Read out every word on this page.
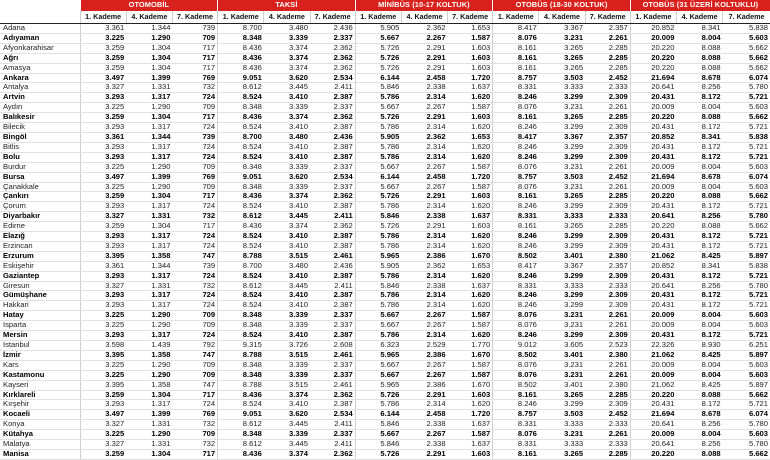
	OTOMOBİL			TAKSİ			MİNİBÜS (10-17 KOLTUK)			OTOBÜS (18-30 KOLTUK)			OTOBÜS (31 ÜZERİ KOLTUKLU)		
	1. Kademe	4. Kademe	7. Kademe	1. Kademe	4. Kademe	7. Kademe	1. Kademe	4. Kademe	7. Kademe	1. Kademe	4. Kademe	7. Kademe	1. Kademe	4. Kademe	7. Kademe
Adana	3.361	1.344	739	8.700	3.480	2.436	5.905	2.362	1.653	8.417	3.367	2.357	20.852	8.341	5.838
Adıyaman	3.225	1.290	709	8.348	3.339	2.337	5.667	2.267	1.587	8.076	3.231	2.261	20.009	8.004	5.603
Afyonkarahisar	3.259	1.304	717	8.436	3.374	2.362	5.726	2.291	1.603	8.161	3.265	2.285	20.220	8.088	5.662
Ağrı	3.259	1.304	717	8.436	3.374	2.362	5.726	2.291	1.603	8.161	3.265	2.285	20.220	8.088	5.662
Amasya	3.259	1.304	717	8.436	3.374	2.362	5.726	2.291	1.603	8.161	3.265	2.285	20.220	8.088	5.662
Ankara	3.497	1.399	769	9.051	3.620	2.534	6.144	2.458	1.720	8.757	3.503	2.452	21.694	8.678	6.074
Antalya	3.327	1.331	732	8.612	3.445	2.411	5.846	2.338	1.637	8.331	3.333	2.333	20.641	8.256	5.780
Artvin	3.293	1.317	724	8.524	3.410	2.387	5.786	2.314	1.620	8.246	3.299	2.309	20.431	8.172	5.721
Aydın	3.225	1.290	709	8.348	3.339	2.337	5.667	2.267	1.587	8.076	3.231	2.261	20.009	8.004	5.603
Balıkesir	3.259	1.304	717	8.436	3.374	2.362	5.726	2.291	1.603	8.161	3.265	2.285	20.220	8.088	5.662
Bilecik	3.293	1.317	724	8.524	3.410	2.387	5.786	2.314	1.620	8.246	3.299	2.309	20.431	8.172	5.721
Bingöl	3.361	1.344	739	8.700	3.480	2.436	5.905	2.362	1.653	8.417	3.367	2.357	20.852	8.341	5.838
Bitlis	3.293	1.317	724	8.524	3.410	2.387	5.786	2.314	1.620	8.246	3.299	2.309	20.431	8.172	5.721
Bolu	3.293	1.317	724	8.524	3.410	2.387	5.786	2.314	1.620	8.246	3.299	2.309	20.431	8.172	5.721
Burdur	3.225	1.290	709	8.348	3.339	2.337	5.667	2.267	1.587	8.076	3.231	2.261	20.009	8.004	5.603
Bursa	3.497	1.399	769	9.051	3.620	2.534	6.144	2.458	1.720	8.757	3.503	2.452	21.694	8.678	6.074
Çanakkale	3.225	1.290	709	8.348	3.339	2.337	5.667	2.267	1.587	8.076	3.231	2.261	20.009	8.004	5.603
Çankırı	3.259	1.304	717	8.436	3.374	2.362	5.726	2.291	1.603	8.161	3.265	2.285	20.220	8.088	5.662
Çorum	3.293	1.317	724	8.524	3.410	2.387	5.786	2.314	1.620	8.246	3.299	2.309	20.431	8.172	5.721
Diyarbakır	3.327	1.331	732	8.612	3.445	2.411	5.846	2.338	1.637	8.331	3.333	2.333	20.641	8.256	5.780
Edirne	3.259	1.304	717	8.436	3.374	2.362	5.726	2.291	1.603	8.161	3.265	2.285	20.220	8.088	5.662
Elazığ	3.293	1.317	724	8.524	3.410	2.387	5.786	2.314	1.620	8.246	3.299	2.309	20.431	8.172	5.721
Erzincan	3.293	1.317	724	8.524	3.410	2.387	5.786	2.314	1.620	8.246	3.299	2.309	20.431	8.172	5.721
Erzurum	3.395	1.358	747	8.788	3.515	2.461	5.965	2.386	1.670	8.502	3.401	2.380	21.062	8.425	5.897
Eskişehir	3.361	1.344	739	8.700	3.480	2.436	5.905	2.362	1.653	8.417	3.367	2.357	20.852	8.341	5.838
Gaziantep	3.293	1.317	724	8.524	3.410	2.387	5.786	2.314	1.620	8.246	3.299	2.309	20.431	8.172	5.721
Giresun	3.327	1.331	732	8.612	3.445	2.411	5.846	2.338	1.637	8.331	3.333	2.333	20.641	8.256	5.780
Gümüşhane	3.293	1.317	724	8.524	3.410	2.387	5.786	2.314	1.620	8.246	3.299	2.309	20.431	8.172	5.721
Hakkari	3.293	1.317	724	8.524	3.410	2.387	5.786	2.314	1.620	8.246	3.299	2.309	20.431	8.172	5.721
Hatay	3.225	1.290	709	8.348	3.339	2.337	5.667	2.267	1.587	8.076	3.231	2.261	20.009	8.004	5.603
Isparta	3.225	1.290	709	8.348	3.339	2.337	5.667	2.267	1.587	8.076	3.231	2.261	20.009	8.004	5.603
Mersin	3.293	1.317	724	8.524	3.410	2.387	5.786	2.314	1.620	8.246	3.299	2.309	20.431	8.172	5.721
İstanbul	3.598	1.439	792	9.315	3.726	2.608	6.323	2.529	1.770	9.012	3.605	2.523	22.326	8.930	6.251
İzmir	3.395	1.358	747	8.788	3.515	2.461	5.965	2.386	1.670	8.502	3.401	2.380	21.062	8.425	5.897
Kars	3.225	1.290	709	8.348	3.339	2.337	5.667	2.267	1.587	8.076	3.231	2.261	20.009	8.004	5.603
Kastamonu	3.225	1.290	709	8.348	3.339	2.337	5.667	2.267	1.587	8.076	3.231	2.261	20.009	8.004	5.603
Kayseri	3.395	1.358	747	8.788	3.515	2.461	5.965	2.386	1.670	8.502	3.401	2.380	21.062	8.425	5.897
Kırklareli	3.259	1.304	717	8.436	3.374	2.362	5.726	2.291	1.603	8.161	3.265	2.285	20.220	8.088	5.662
Kırşehir	3.293	1.317	724	8.524	3.410	2.387	5.786	2.314	1.620	8.246	3.299	2.309	20.431	8.172	5.721
Kocaeli	3.497	1.399	769	9.051	3.620	2.534	6.144	2.458	1.720	8.757	3.503	2.452	21.694	8.678	6.074
Konya	3.327	1.331	732	8.612	3.445	2.411	5.846	2.338	1.637	8.331	3.333	2.333	20.641	8.256	5.780
Kütahya	3.225	1.290	709	8.348	3.339	2.337	5.667	2.267	1.587	8.076	3.231	2.261	20.009	8.004	5.603
Malatya	3.327	1.331	732	8.612	3.445	2.411	5.846	2.338	1.637	8.331	3.333	2.333	20.641	8.256	5.780
Manisa	3.259	1.304	717	8.436	3.374	2.362	5.726	2.291	1.603	8.161	3.265	2.285	20.220	8.088	5.662
